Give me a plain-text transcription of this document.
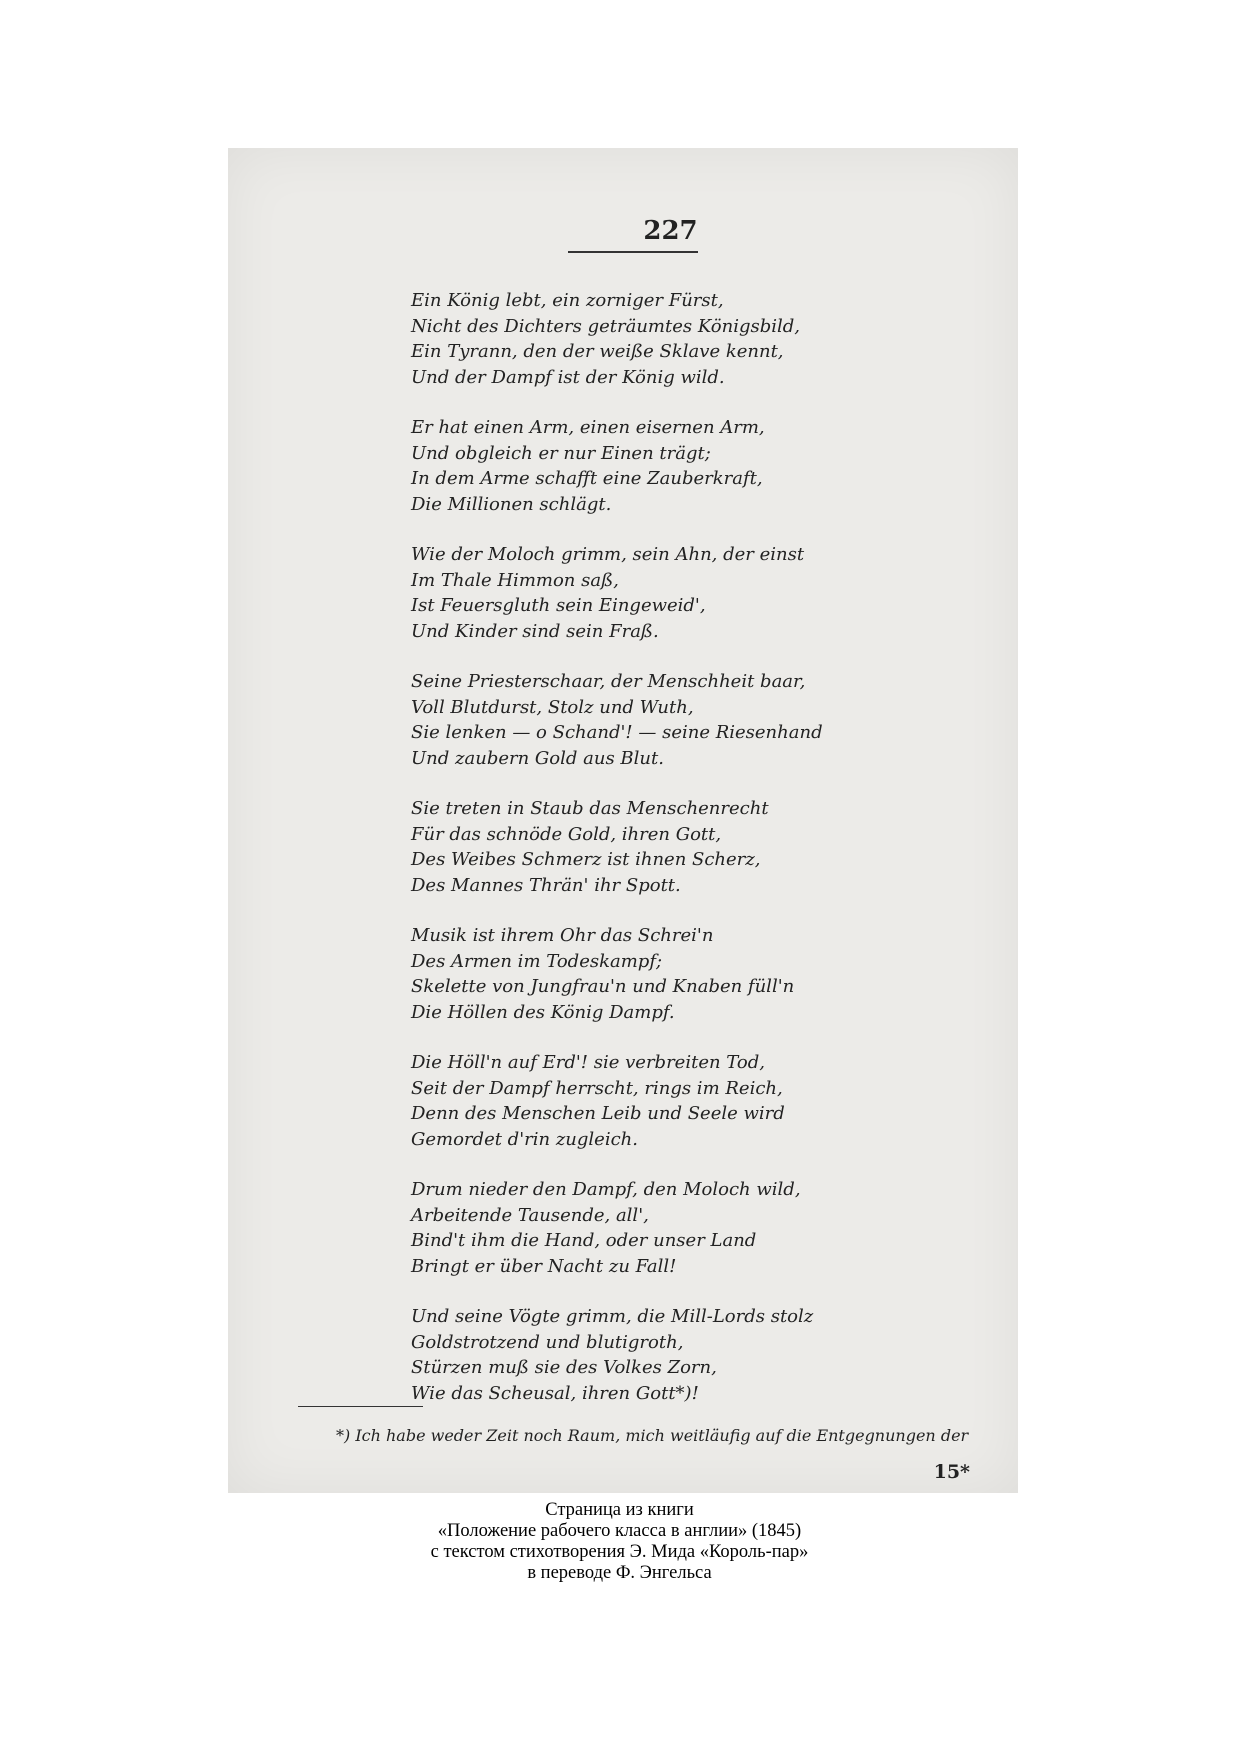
227
Ein König lebt, ein zorniger Fürst,
Nicht des Dichters geträumtes Königsbild,
Ein Tyrann, den der weiße Sklave kennt,
Und der Dampf ist der König wild.
Er hat einen Arm, einen eisernen Arm,
Und obgleich er nur Einen trägt;
In dem Arme schafft eine Zauberkraft,
Die Millionen schlägt.
Wie der Moloch grimm, sein Ahn, der einst
Im Thale Himmon saß,
Ist Feuersgluth sein Eingeweid',
Und Kinder sind sein Fraß.
Seine Priesterschaar, der Menschheit baar,
Voll Blutdurst, Stolz und Wuth,
Sie lenken — o Schand'! — seine Riesenhand
Und zaubern Gold aus Blut.
Sie treten in Staub das Menschenrecht
Für das schnöde Gold, ihren Gott,
Des Weibes Schmerz ist ihnen Scherz,
Des Mannes Thrän' ihr Spott.
Musik ist ihrem Ohr das Schrei'n
Des Armen im Todeskampf;
Skelette von Jungfrau'n und Knaben füll'n
Die Höllen des König Dampf.
Die Höll'n auf Erd'! sie verbreiten Tod,
Seit der Dampf herrscht, rings im Reich,
Denn des Menschen Leib und Seele wird
Gemordet d'rin zugleich.
Drum nieder den Dampf, den Moloch wild,
Arbeitende Tausende, all',
Bind't ihm die Hand, oder unser Land
Bringt er über Nacht zu Fall!
Und seine Vögte grimm, die Mill-Lords stolz
Goldstrotzend und blutigroth,
Stürzen muß sie des Volkes Zorn,
Wie das Scheusal, ihren Gott*)!
*) Ich habe weder Zeit noch Raum, mich weitläufig auf die Entgegnungen der
15*
Страница из книги
«Положение рабочего класса в англии» (1845)
с текстом стихотворения Э. Мида «Король-пар»
в переводе Ф. Энгельса
